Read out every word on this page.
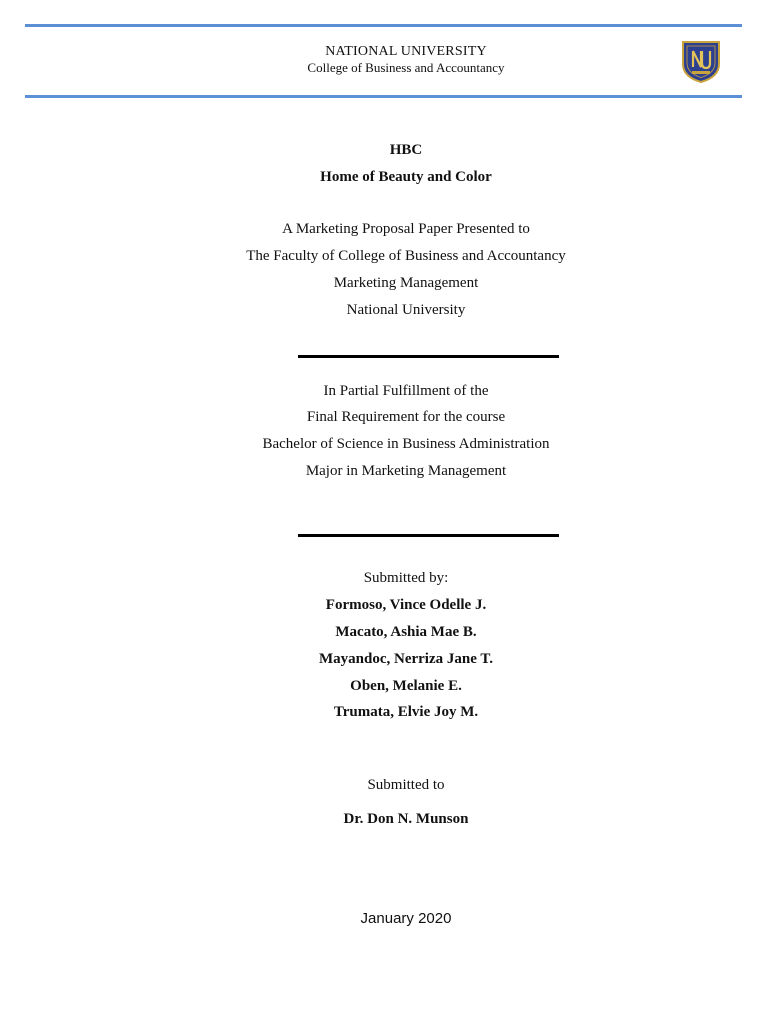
NATIONAL UNIVERSITY
College of Business and Accountancy
HBC
Home of Beauty and Color
A Marketing Proposal Paper Presented to
The Faculty of College of Business and Accountancy
Marketing Management
National University
In Partial Fulfillment of the
Final Requirement for the course
Bachelor of Science in Business Administration
Major in Marketing Management
Submitted by:
Formoso, Vince Odelle J.
Macato, Ashia Mae B.
Mayandoc, Nerriza Jane T.
Oben, Melanie E.
Trumata, Elvie Joy M.
Submitted to
Dr. Don N. Munson
January 2020
